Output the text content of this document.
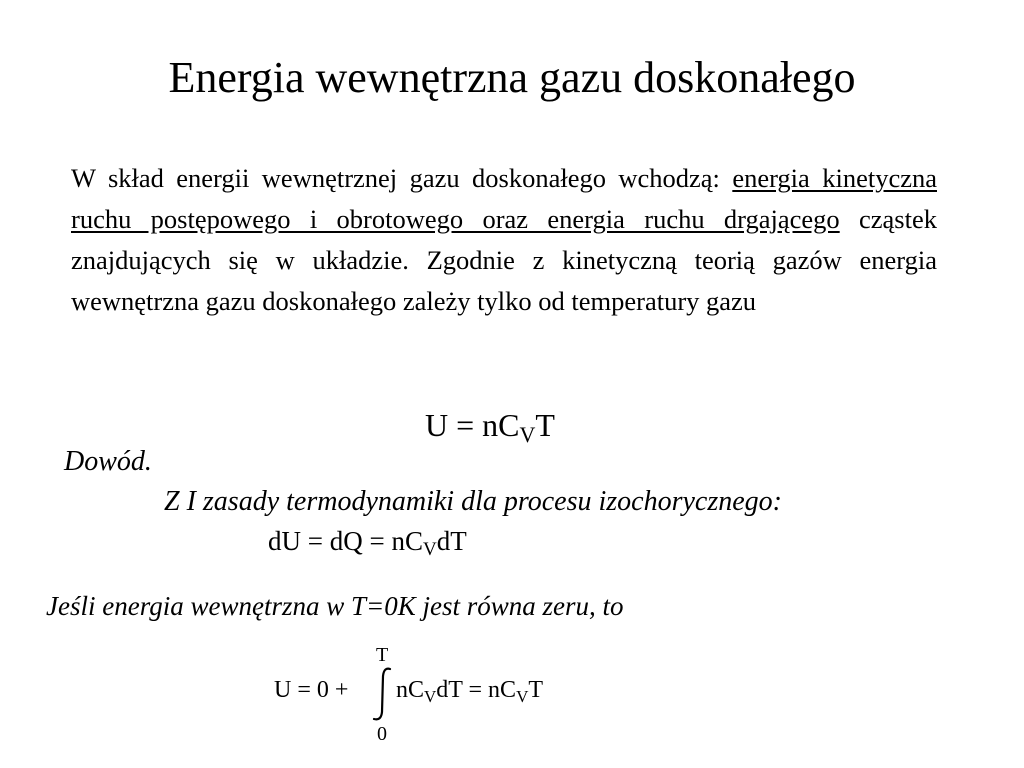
Energia wewnętrzna gazu doskonałego
W skład energii wewnętrznej gazu doskonałego wchodzą: energia kinetyczna ruchu postępowego i obrotowego oraz energia ruchu drgającego cząstek znajdujących się w układzie. Zgodnie z kinetyczną teorią gazów energia wewnętrzna gazu doskonałego zależy tylko od temperatury gazu
$U = nC_VT$
Dowód.
Z I zasady termodynamiki dla procesu izochorycznego:
dU = dQ = $nC_VdT$
Jeśli energia wewnętrzna w T=0K jest równa zeru, to
U = 0 +
T
0
$nC_VdT = nC_VT$
